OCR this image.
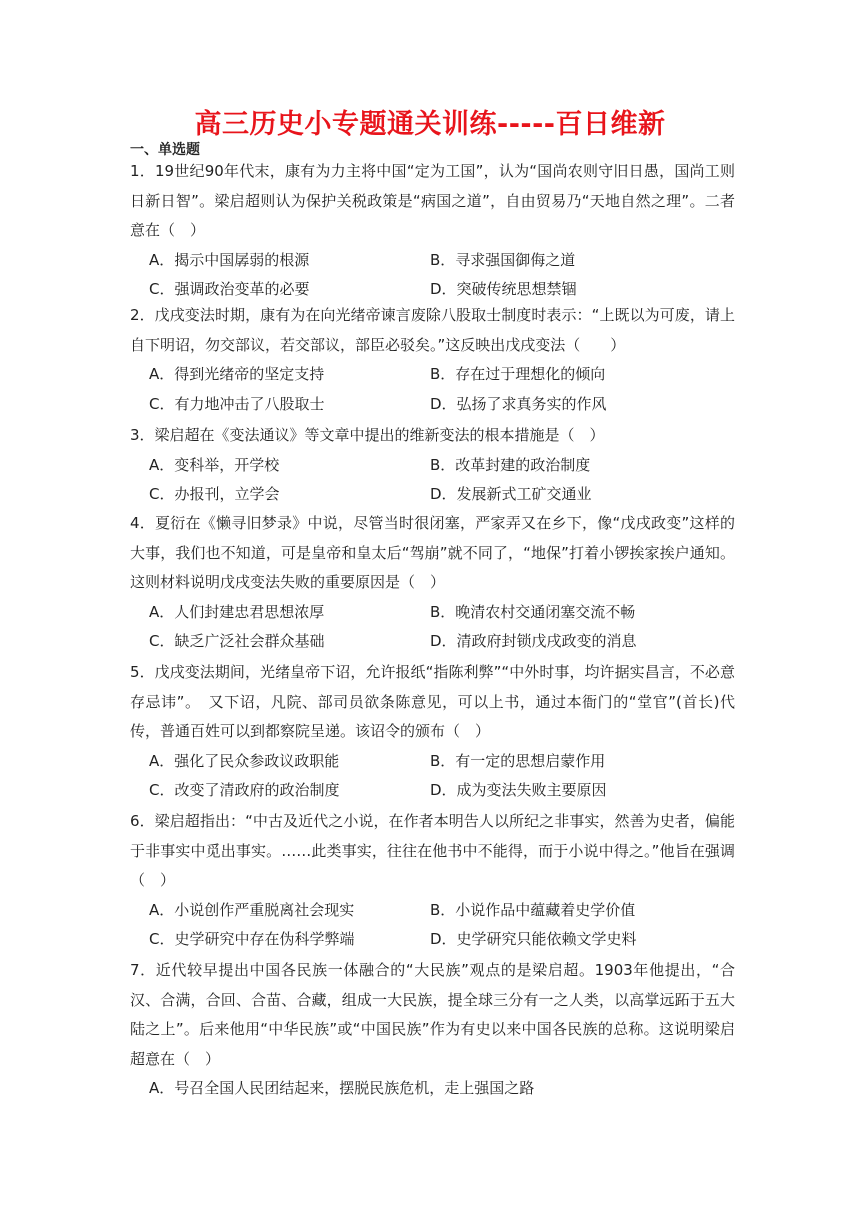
高三历史小专题通关训练-----百日维新
一、单选题

1．19世纪90年代末，康有为力主将中国“定为工国”，认为“国尚农则守旧日愚，国尚工则日新日智”。梁启超则认为保护关税政策是“病国之道”，自由贸易乃“天地自然之理”。二者意在（　）

A．揭示中国孱弱的根源	B．寻求强国御侮之道
C．强调政治变革的必要	D．突破传统思想禁锢

2．戊戌变法时期，康有为在向光绪帝谏言废除八股取士制度时表示：“上既以为可废，请上自下明诏，勿交部议，若交部议，部臣必驳矣。”这反映出戊戌变法（　　）

A．得到光绪帝的坚定支持	B．存在过于理想化的倾向
C．有力地冲击了八股取士	D．弘扬了求真务实的作风

3．梁启超在《变法通议》等文章中提出的维新变法的根本措施是（　）

A．变科举，开学校	B．改革封建的政治制度
C．办报刊，立学会	D．发展新式工矿交通业

4．夏衍在《懒寻旧梦录》中说，尽管当时很闭塞，严家弄又在乡下，像“戊戌政变”这样的大事，我们也不知道，可是皇帝和皇太后“驾崩”就不同了，“地保”打着小锣挨家挨户通知。这则材料说明戊戌变法失败的重要原因是（　）

A．人们封建忠君思想浓厚	B．晚清农村交通闭塞交流不畅
C．缺乏广泛社会群众基础	D．清政府封锁戊戌政变的消息

5．戊戌变法期间，光绪皇帝下诏，允许报纸“指陈利弊”“中外时事，均许据实昌言，不必意存忌讳”。　又下诏，凡院、部司员欲条陈意见，可以上书，通过本衙门的“堂官”(首长)代传，普通百姓可以到都察院呈递。该诏令的颁布（　）

A．强化了民众参政议政职能	B．有一定的思想启蒙作用
C．改变了清政府的政治制度	D．成为变法失败主要原因

6．梁启超指出：“中古及近代之小说，在作者本明告人以所纪之非事实，然善为史者，偏能于非事实中觅出事实。……此类事实，往往在他书中不能得，而于小说中得之。”他旨在强调（　）

A．小说创作严重脱离社会现实	B．小说作品中蕴藏着史学价值
C．史学研究中存在伪科学弊端	D．史学研究只能依赖文学史料

7．近代较早提出中国各民族一体融合的“大民族”观点的是梁启超。1903年他提出，“合汉、合满，合回、合苗、合藏，组成一大民族，提全球三分有一之人类，以高掌远跖于五大陆之上”。后来他用“中华民族”或“中国民族”作为有史以来中国各民族的总称。这说明梁启超意在（　）

A．号召全国人民团结起来，摆脱民族危机，走上强国之路
